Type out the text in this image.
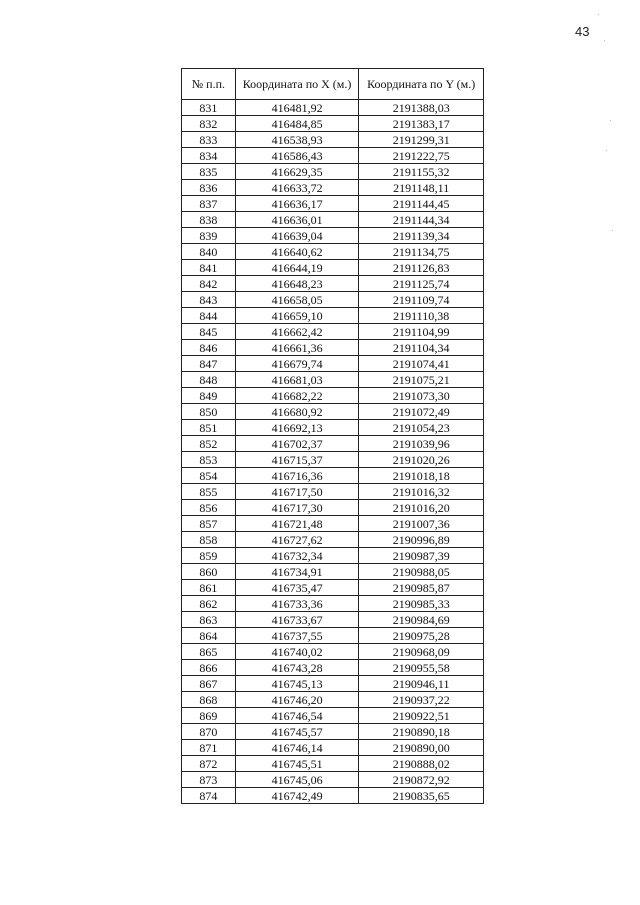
43
№ п.п.	Координата по X (м.)	Координата по Y (м.)
831	416481,92	2191388,03
832	416484,85	2191383,17
833	416538,93	2191299,31
834	416586,43	2191222,75
835	416629,35	2191155,32
836	416633,72	2191148,11
837	416636,17	2191144,45
838	416636,01	2191144,34
839	416639,04	2191139,34
840	416640,62	2191134,75
841	416644,19	2191126,83
842	416648,23	2191125,74
843	416658,05	2191109,74
844	416659,10	2191110,38
845	416662,42	2191104,99
846	416661,36	2191104,34
847	416679,74	2191074,41
848	416681,03	2191075,21
849	416682,22	2191073,30
850	416680,92	2191072,49
851	416692,13	2191054,23
852	416702,37	2191039,96
853	416715,37	2191020,26
854	416716,36	2191018,18
855	416717,50	2191016,32
856	416717,30	2191016,20
857	416721,48	2191007,36
858	416727,62	2190996,89
859	416732,34	2190987,39
860	416734,91	2190988,05
861	416735,47	2190985,87
862	416733,36	2190985,33
863	416733,67	2190984,69
864	416737,55	2190975,28
865	416740,02	2190968,09
866	416743,28	2190955,58
867	416745,13	2190946,11
868	416746,20	2190937,22
869	416746,54	2190922,51
870	416745,57	2190890,18
871	416746,14	2190890,00
872	416745,51	2190888,02
873	416745,06	2190872,92
874	416742,49	2190835,65
